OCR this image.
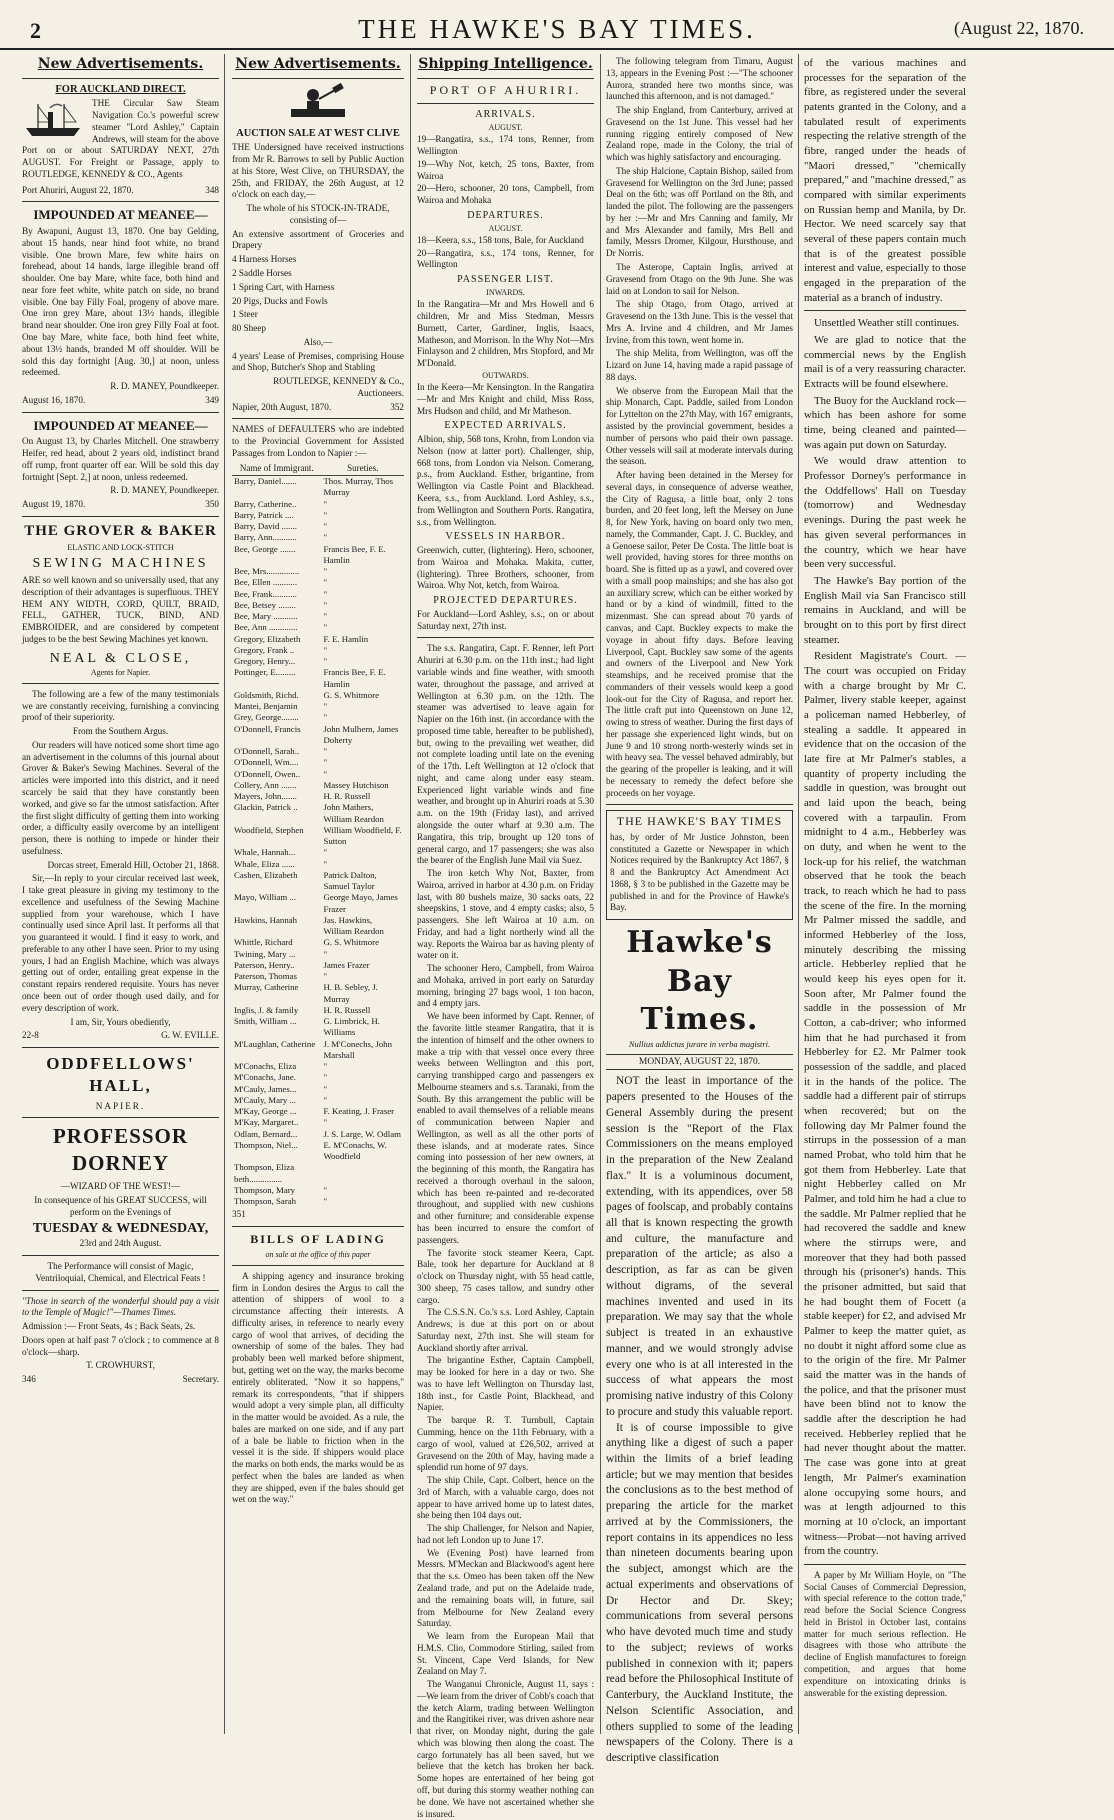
2	THE HAWKE'S BAY TIMES.	(August 22, 1870.
New Advertisements.
FOR AUCKLAND DIRECT.

THE Circular Saw Steam Navigation Co.'s powerful screw steamer "Lord Ashley," Captain Andrews, will steam for the above Port on or about SATURDAY NEXT, 27th AUGUST. For Freight or Passage, apply to ROUTLEDGE, KENNEDY & CO., Agents

Port Ahuriri, August 22, 1870.	348

IMPOUNDED AT MEANEE—

By Awapuni, August 13, 1870. One bay Gelding, about 15 hands, near hind foot white, no brand visible. One brown Mare, few white hairs on forehead, about 14 hands, large illegible brand off shoulder. One bay Mare, white face, both hind and near fore feet white, white patch on side, no brand visible. One bay Filly Foal, progeny of above mare. One iron grey Mare, about 13½ hands, illegible brand near shoulder. One iron grey Filly Foal at foot. One bay Mare, white face, both hind feet white, about 13½ hands, branded M off shoulder. Will be sold this day fortnight [Aug. 30,] at noon, unless redeemed.

R. D. MANEY, Poundkeeper.

August 16, 1870.	349

IMPOUNDED AT MEANEE—

On August 13, by Charles Mitchell. One strawberry Heifer, red head, about 2 years old, indistinct brand off rump, front quarter off ear. Will be sold this day fortnight [Sept. 2,] at noon, unless redeemed.

R. D. MANEY, Poundkeeper.

August 19, 1870.	350

THE GROVER & BAKER
ELASTIC AND LOCK-STITCH
SEWING MACHINES

ARE so well known and so universally used, that any description of their advantages is superfluous. THEY HEM ANY WIDTH, CORD, QUILT, BRAID, FELL, GATHER, TUCK, BIND, AND EMBROIDER, and are considered by competent judges to be the best Sewing Machines yet known.

NEAL & CLOSE,
Agents for Napier.

The following are a few of the many testimonials we are constantly receiving, furnishing a convincing proof of their superiority.

From the Southern Argus.

Our readers will have noticed some short time ago an advertisement in the columns of this journal about Grover & Baker's Sewing Machines. Several of the articles were imported into this district, and it need scarcely be said that they have constantly been worked, and give so far the utmost satisfaction. After the first slight difficulty of getting them into working order, a difficulty easily overcome by an intelligent person, there is nothing to impede or hinder their usefulness.

Dorcas street, Emerald Hill, October 21, 1868.

Sir,—In reply to your circular received last week, I take great pleasure in giving my testimony to the excellence and usefulness of the Sewing Machine supplied from your warehouse, which I have continually used since April last. It performs all that you guaranteed it would. I find it easy to work, and preferable to any other I have seen. Prior to my using yours, I had an English Machine, which was always getting out of order, entailing great expense in the constant repairs rendered requisite. Yours has never once been out of order though used daily, and for every description of work.

I am, Sir, Yours obediently,

22-8	G. W. EVILLE.

ODDFELLOWS' HALL,
NAPIER.
PROFESSOR DORNEY
—WIZARD OF THE WEST!—

In consequence of his GREAT SUCCESS, will perform on the Evenings of

TUESDAY & WEDNESDAY,
23rd and 24th August.

The Performance will consist of Magic, Ventriloquial, Chemical, and Electrical Feats !

"Those in search of the wonderful should pay a visit to the Temple of Magic!"—Thames Times.

Admission :— Front Seats, 4s ; Back Seats, 2s.

Doors open at half past 7 o'clock ; to commence at 8 o'clock—sharp.

T. CROWHURST,

346	Secretary.

New Advertisements.
AUCTION SALE AT WEST CLIVE

THE Undersigned have received instructions from Mr R. Barrows to sell by Public Auction at his Store, West Clive, on THURSDAY, the 25th, and FRIDAY, the 26th August, at 12 o'clock on each day,—

The whole of his STOCK-IN-TRADE, consisting of—

An extensive assortment of Groceries and Drapery

4 Harness Horses

2 Saddle Horses

1 Spring Cart, with Harness

20 Pigs, Ducks and Fowls

1 Steer

80 Sheep

Also,—

4 years' Lease of Premises, comprising House and Shop, Butcher's Shop and Stabling

ROUTLEDGE, KENNEDY & Co., Auctioneers.

Napier, 20th August, 1870.	352

NAMES of DEFAULTERS who are indebted to the Provincial Government for Assisted Passages from London to Napier :—

Name of Immigrant.	Sureties.
Barry, Daniel.......	Thos. Murray, Thos Murray
Barry, Catherine..	"
Barry, Patrick ....	"
Barry, David .......	"
Barry, Ann...........	"
Bee, George .......	Francis Bee, F. E. Hamlin
Bee, Mrs...............	"
Bee, Ellen ...........	"
Bee, Frank...........	"
Bee, Betsey ........	"
Bee, Mary ...........	"
Bee, Ann .............	"
Gregory, Elizabeth	F. E. Hamlin
Gregory, Frank ..	"
Gregory, Henry...	"
Pottinger, E.........	Francis Bee, F. E. Hamlin
Goldsmith, Richd.	G. S. Whitmore
Mantei, Benjamin	"
Grey, George........	"
O'Donnell, Francis	John Mulhern, James Doherty
O'Donnell, Sarah..	"
O'Donnell, Wm....	"
O'Donnell, Owen..	"
Collery, Ann .......	Massey Hutchison
Mayers, John.......	H. R. Russell
Glackin, Patrick ..	John Mathers, William Reardon
Woodfield, Stephen	William Woodfield, F. Sutton
Whale, Hannah...	"
Whale, Eliza ......	"
Cashen, Elizabeth	Patrick Dalton, Samuel Taylor
Mayo, William ...	George Mayo, James Frazer
Hawkins, Hannah	Jas. Hawkins, William Reardon
Whittle, Richard	G. S. Whitmore
Twining, Mary ...	"
Paterson, Henry..	James Frazer
Paterson, Thomas	"
Murray, Catherine	H. B. Sebley, J. Murray
Inglis, J. & family	H. R. Russell
Smith, William ...	G. Limbrick, H. Williams
M'Laughlan, Catherine	J. M'Conechs, John Marshall
M'Conachs, Eliza	"
M'Conachs, Jane.	"
M'Cauly, James...	"
M'Cauly, Mary ...	"
M'Kay, George ...	F. Keating, J. Fraser
M'Kay, Margaret..	"
Odlam, Bernard...	J. S. Large, W. Odlam
Thompson, Niel...	E. M'Conachs, W. Woodfield
Thompson, Eliza beth...............	
Thompson, Mary	"
Thompson, Sarah	"

351

BILLS OF LADING
on sale at the office of this paper

A shipping agency and insurance broking firm in London desires the Argus to call the attention of shippers of wool to a circumstance affecting their interests. A difficulty arises, in reference to nearly every cargo of wool that arrives, of deciding the ownership of some of the bales. They had probably been well marked before shipment, but, getting wet on the way, the marks become entirely obliterated. "Now it so happens," remark its correspondents, "that if shippers would adopt a very simple plan, all difficulty in the matter would be avoided. As a rule, the bales are marked on one side, and if any part of a bale be liable to friction when in the vessel it is the side. If shippers would place the marks on both ends, the marks would be as perfect when the bales are landed as when they are shipped, even if the bales should get wet on the way."

Shipping Intelligence.
PORT OF AHURIRI.
ARRIVALS.
AUGUST.

19—Rangatira, s.s., 174 tons, Renner, from Wellington

19—Why Not, ketch, 25 tons, Baxter, from Wairoa

20—Hero, schooner, 20 tons, Campbell, from Wairoa and Mohaka

DEPARTURES.
AUGUST.

18—Keera, s.s., 158 tons, Bale, for Auckland

20—Rangatira, s.s., 174 tons, Renner, for Wellington

PASSENGER LIST.
INWARDS.

In the Rangatira—Mr and Mrs Howell and 6 children, Mr and Miss Stedman, Messrs Burnett, Carter, Gardiner, Inglis, Isaacs, Matheson, and Morrison. In the Why Not—Mrs Finlayson and 2 children, Mrs Stopford, and Mr M'Donald.

OUTWARDS.

In the Keera—Mr Kensington. In the Rangatira—Mr and Mrs Knight and child, Miss Ross, Mrs Hudson and child, and Mr Matheson.

EXPECTED ARRIVALS.

Albion, ship, 568 tons, Krohn, from London via Nelson (now at latter port). Challenger, ship, 668 tons, from London via Nelson. Comerang, p.s., from Auckland. Esther, brigantine, from Wellington via Castle Point and Blackhead. Keera, s.s., from Auckland. Lord Ashley, s.s., from Wellington and Southern Ports. Rangatira, s.s., from Wellington.

VESSELS IN HARBOR.

Greenwich, cutter, (lightering). Hero, schooner, from Wairoa and Mohaka. Makita, cutter, (lightering). Three Brothers, schooner, from Wairoa. Why Not, ketch, from Wairoa.

PROJECTED DEPARTURES.

For Auckland—Lord Ashley, s.s., on or about Saturday next, 27th inst.

The s.s. Rangatira, Capt. F. Renner, left Port Ahuriri at 6.30 p.m. on the 11th inst.; had light variable winds and fine weather, with smooth water, throughout the passage, and arrived at Wellington at 6.30 p.m. on the 12th. The steamer was advertised to leave again for Napier on the 16th inst. (in accordance with the proposed time table, hereafter to be published), but, owing to the prevailing wet weather, did not complete loading until late on the evening of the 17th. Left Wellington at 12 o'clock that night, and came along under easy steam. Experienced light variable winds and fine weather, and brought up in Ahuriri roads at 5.30 a.m. on the 19th (Friday last), and arrived alongside the outer wharf at 9.30 a.m. The Rangatira, this trip, brought up 120 tons of general cargo, and 17 passengers; she was also the bearer of the English June Mail via Suez.

The iron ketch Why Not, Baxter, from Wairoa, arrived in harbor at 4.30 p.m. on Friday last, with 80 bushels maize, 30 sacks oats, 22 sheepskins, 1 stove, and 4 empty casks; also, 5 passengers. She left Wairoa at 10 a.m. on Friday, and had a light northerly wind all the way. Reports the Wairoa bar as having plenty of water on it.

The schooner Hero, Campbell, from Wairoa and Mohaka, arrived in port early on Saturday morning, bringing 27 bags wool, 1 ton bacon, and 4 empty jars.

We have been informed by Capt. Renner, of the favorite little steamer Rangatira, that it is the intention of himself and the other owners to make a trip with that vessel once every three weeks between Wellington and this port, carrying transhipped cargo and passengers ex Melbourne steamers and s.s. Taranaki, from the South. By this arrangement the public will be enabled to avail themselves of a reliable means of communication between Napier and Wellington, as well as all the other ports of these islands, and at moderate rates. Since coming into possession of her new owners, at the beginning of this month, the Rangatira has received a thorough overhaul in the saloon, which has been re-painted and re-decorated throughout, and supplied with new cushions and other furniture; and considerable expense has been incurred to ensure the comfort of passengers.

The favorite stock steamer Keera, Capt. Bale, took her departure for Auckland at 8 o'clock on Thursday night, with 55 head cattle, 300 sheep, 75 cases tallow, and sundry other cargo.

The C.S.S.N. Co.'s s.s. Lord Ashley, Captain Andrews, is due at this port on or about Saturday next, 27th inst. She will steam for Auckland shortly after arrival.

The brigantine Esther, Captain Campbell, may be looked for here in a day or two. She was to have left Wellington on Thursday last, 18th inst., for Castle Point, Blackhead, and Napier.

The barque R. T. Turnbull, Captain Cumming, hence on the 11th February, with a cargo of wool, valued at £26,502, arrived at Gravesend on the 20th of May, having made a splendid run home of 97 days.

The ship Chile, Capt. Colbert, hence on the 3rd of March, with a valuable cargo, does not appear to have arrived home up to latest dates, she being then 104 days out.

The ship Challenger, for Nelson and Napier, had not left London up to June 17.

We (Evening Post) have learned from Messrs. M'Meckan and Blackwood's agent here that the s.s. Omeo has been taken off the New Zealand trade, and put on the Adelaide trade, and the remaining boats will, in future, sail from Melbourne for New Zealand every Saturday.

We learn from the European Mail that H.M.S. Clio, Commodore Stirling, sailed from St. Vincent, Cape Verd Islands, for New Zealand on May 7.

The Wanganui Chronicle, August 11, says :—We learn from the driver of Cobb's coach that the ketch Alarm, trading between Wellington and the Rangitikei river, was driven ashore near that river, on Monday night, during the gale which was blowing then along the coast. The cargo fortunately has all been saved, but we believe that the ketch has broken her back. Some hopes are entertained of her being got off, but during this stormy weather nothing can be done. We have not ascertained whether she is insured.

The following telegram from Timaru, August 13, appears in the Evening Post :—"The schooner Aurora, stranded here two months since, was launched this afternoon, and is not damaged."

The ship England, from Canterbury, arrived at Gravesend on the 1st June. This vessel had her running rigging entirely composed of New Zealand rope, made in the Colony, the trial of which was highly satisfactory and encouraging.

The ship Halcione, Captain Bishop, sailed from Gravesend for Wellington on the 3rd June; passed Deal on the 6th; was off Portland on the 8th, and landed the pilot. The following are the passengers by her :—Mr and Mrs Canning and family, Mr and Mrs Alexander and family, Mrs Bell and family, Messrs Dromer, Kilgour, Hursthouse, and Dr Norris.

The Asterope, Captain Inglis, arrived at Gravesend from Otago on the 9th June. She was laid on at London to sail for Nelson.

The ship Otago, from Otago, arrived at Gravesend on the 13th June. This is the vessel that Mrs A. Irvine and 4 children, and Mr James Irvine, from this town, went home in.

The ship Melita, from Wellington, was off the Lizard on June 14, having made a rapid passage of 88 days.

We observe from the European Mail that the ship Monarch, Capt. Paddle, sailed from London for Lyttelton on the 27th May, with 167 emigrants, assisted by the provincial government, besides a number of persons who paid their own passage. Other vessels will sail at moderate intervals during the season.

After having been detained in the Mersey for several days, in consequence of adverse weather, the City of Ragusa, a little boat, only 2 tons burden, and 20 feet long, left the Mersey on June 8, for New York, having on board only two men, namely, the Commander, Capt. J. C. Buckley, and a Genoese sailor, Peter De Costa. The little boat is well provided, having stores for three months on board. She is fitted up as a yawl, and covered over with a small poop mainships; and she has also got an auxiliary screw, which can be either worked by hand or by a kind of windmill, fitted to the mizenmast. She can spread about 70 yards of canvas, and Capt. Buckley expects to make the voyage in about fifty days. Before leaving Liverpool, Capt. Buckley saw some of the agents and owners of the Liverpool and New York steamships, and he received promise that the commanders of their vessels would keep a good look-out for the City of Ragusa, and report her. The little craft put into Queenstown on June 12, owing to stress of weather. During the first days of her passage she experienced light winds, but on June 9 and 10 strong north-westerly winds set in with heavy sea. The vessel behaved admirably, but the gearing of the propeller is leaking, and it will be necessary to remedy the defect before she proceeds on her voyage.

THE HAWKE'S BAY TIMES

has, by order of Mr Justice Johnston, been constituted a Gazette or Newspaper in which Notices required by the Bankruptcy Act 1867, § 8 and the Bankruptcy Act Amendment Act 1868, § 3 to be published in the Gazette may be published in and for the Province of Hawke's Bay.

Hawke's Bay Times.
Nullius addictus jurare in verba magistri.
MONDAY, AUGUST 22, 1870.

NOT the least in importance of the papers presented to the Houses of the General Assembly during the present session is the "Report of the Flax Commissioners on the means employed in the preparation of the New Zealand flax." It is a voluminous document, extending, with its appendices, over 58 pages of foolscap, and probably contains all that is known respecting the growth and culture, the manufacture and preparation of the article; as also a description, as far as can be given without digrams, of the several machines invented and used in its preparation. We may say that the whole subject is treated in an exhaustive manner, and we would strongly advise every one who is at all interested in the success of what appears the most promising native industry of this Colony to procure and study this valuable report.

It is of course impossible to give anything like a digest of such a paper within the limits of a brief leading article; but we may mention that besides the conclusions as to the best method of preparing the article for the market arrived at by the Commissioners, the report contains in its appendices no less than nineteen documents bearing upon the subject, amongst which are the actual experiments and observations of Dr Hector and Dr. Skey; communications from several persons who have devoted much time and study to the subject; reviews of works published in connexion with it; papers read before the Philosophical Institute of Canterbury, the Auckland Institute, the Nelson Scientific Association, and others supplied to some of the leading newspapers of the Colony. There is a descriptive classification

of the various machines and processes for the separation of the fibre, as registered under the several patents granted in the Colony, and a tabulated result of experiments respecting the relative strength of the fibre, ranged under the heads of "Maori dressed," "chemically prepared," and "machine dressed," as compared with similar experiments on Russian hemp and Manila, by Dr. Hector. We need scarcely say that several of these papers contain much that is of the greatest possible interest and value, especially to those engaged in the preparation of the material as a branch of industry.

Unsettled Weather still continues.

We are glad to notice that the commercial news by the English mail is of a very reassuring character. Extracts will be found elsewhere.

The Buoy for the Auckland rock—which has been ashore for some time, being cleaned and painted—was again put down on Saturday.

We would draw attention to Professor Dorney's performance in the Oddfellows' Hall on Tuesday (tomorrow) and Wednesday evenings. During the past week he has given several performances in the country, which we hear have been very successful.

The Hawke's Bay portion of the English Mail via San Francisco still remains in Auckland, and will be brought on to this port by first direct steamer.

Resident Magistrate's Court. —The court was occupied on Friday with a charge brought by Mr C. Palmer, livery stable keeper, against a policeman named Hebberley, of stealing a saddle. It appeared in evidence that on the occasion of the late fire at Mr Palmer's stables, a quantity of property including the saddle in question, was brought out and laid upon the beach, being covered with a tarpaulin. From midnight to 4 a.m., Hebberley was on duty, and when he went to the lock-up for his relief, the watchman observed that he took the beach track, to reach which he had to pass the scene of the fire. In the morning Mr Palmer missed the saddle, and informed Hebberley of the loss, minutely describing the missing article. Hebberley replied that he would keep his eyes open for it. Soon after, Mr Palmer found the saddle in the possession of Mr Cotton, a cab-driver; who informed him that he had purchased it from Hebberley for £2. Mr Palmer took possession of the saddle, and placed it in the hands of the police. The saddle had a different pair of stirrups when recovered; but on the following day Mr Palmer found the stirrups in the possession of a man named Probat, who told him that he got them from Hebberley. Late that night Hebberley called on Mr Palmer, and told him he had a clue to the saddle. Mr Palmer replied that he had recovered the saddle and knew where the stirrups were, and moreover that they had both passed through his (prisoner's) hands. This the prisoner admitted, but said that he had bought them of Focett (a stable keeper) for £2, and advised Mr Palmer to keep the matter quiet, as no doubt it night afford some clue as to the origin of the fire. Mr Palmer said the matter was in the hands of the police, and that the prisoner must have been blind not to know the saddle after the description he had received. Hebberley replied that he had never thought about the matter. The case was gone into at great length, Mr Palmer's examination alone occupying some hours, and was at length adjourned to this morning at 10 o'clock, an important witness—Probat—not having arrived from the country.

A paper by Mr William Hoyle, on "The Social Causes of Commercial Depression, with special reference to the cotton trade," read before the Social Science Congress held in Bristol in October last, contains matter for much serious reflection. He disagrees with those who attribute the decline of English manufactures to foreign competition, and argues that home expenditure on intoxicating drinks is answerable for the existing depression.
